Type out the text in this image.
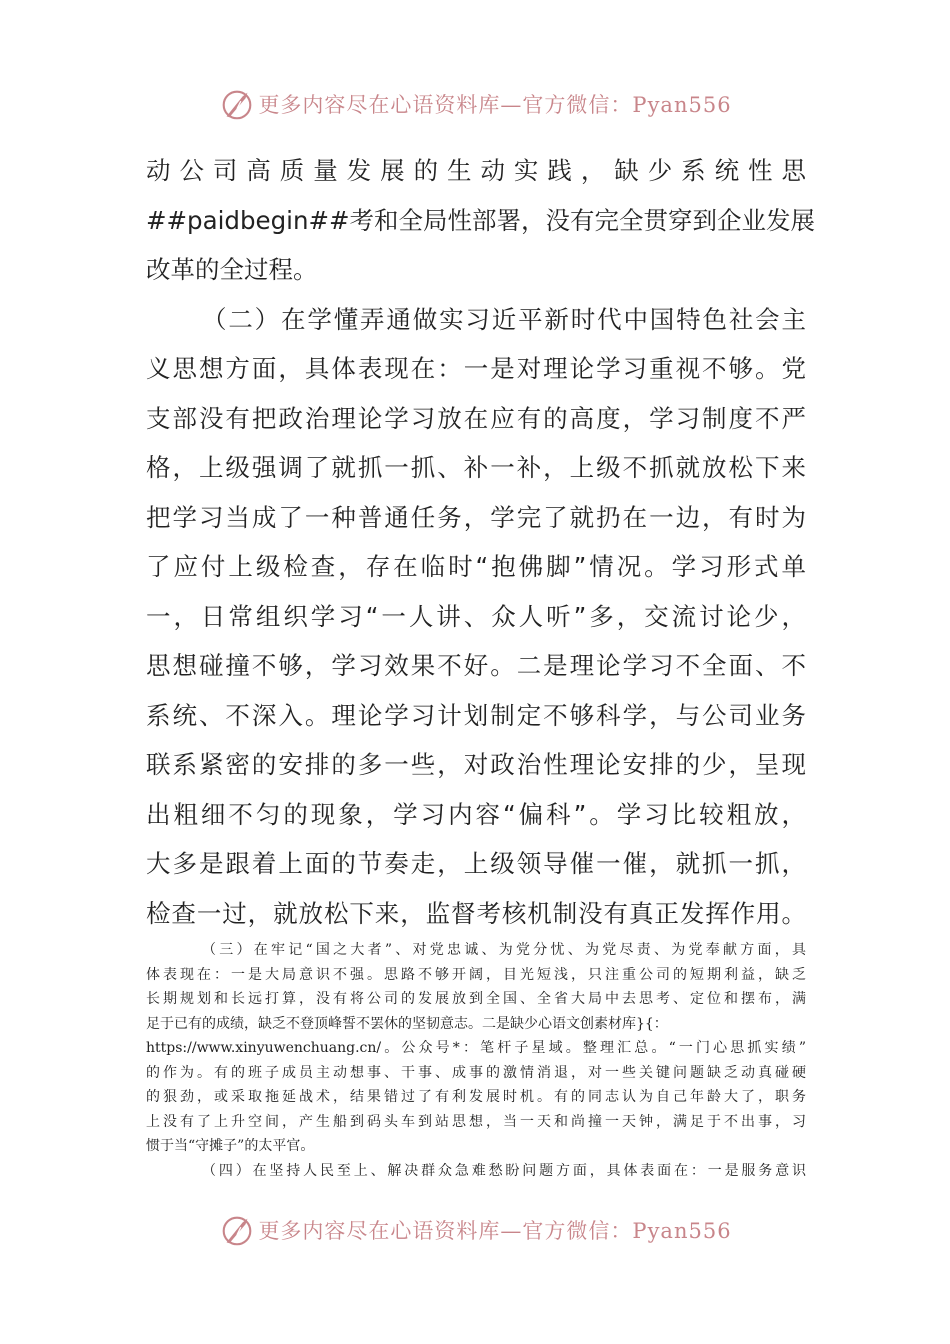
更多内容尽在心语资料库—官方微信：Pyan556
动公司高质量发展的生动实践，缺少系统性思
##paidbegin##考和全局性部署，没有完全贯穿到企业发展
改革的全过程。
（二）在学懂弄通做实习近平新时代中国特色社会主
义思想方面，具体表现在：一是对理论学习重视不够。党
支部没有把政治理论学习放在应有的高度，学习制度不严
格，上级强调了就抓一抓、补一补，上级不抓就放松下来
把学习当成了一种普通任务，学完了就扔在一边，有时为
了应付上级检查，存在临时“抱佛脚”情况。学习形式单
一，日常组织学习“一人讲、众人听”多，交流讨论少，
思想碰撞不够，学习效果不好。二是理论学习不全面、不
系统、不深入。理论学习计划制定不够科学，与公司业务
联系紧密的安排的多一些，对政治性理论安排的少，呈现
出粗细不匀的现象，学习内容“偏科”。学习比较粗放，
大多是跟着上面的节奏走，上级领导催一催，就抓一抓，
检查一过，就放松下来，监督考核机制没有真正发挥作用。
（三）在牢记“国之大者”、对党忠诚、为党分忧、为党尽责、为党奉献方面，具
体表现在：一是大局意识不强。思路不够开阔，目光短浅，只注重公司的短期利益，缺乏
长期规划和长远打算，没有将公司的发展放到全国、全省大局中去思考、定位和摆布，满
足于已有的成绩，缺乏不登顶峰誓不罢休的坚韧意志。二是缺少心语文创素材库}{：
https://www.xinyuwenchuang.cn/。公众号*：笔杆子星域。整理汇总。“一门心思抓实绩”
的作为。有的班子成员主动想事、干事、成事的激情消退，对一些关键问题缺乏动真碰硬
的狠劲，或采取拖延战术，结果错过了有利发展时机。有的同志认为自己年龄大了，职务
上没有了上升空间，产生船到码头车到站思想，当一天和尚撞一天钟，满足于不出事，习
惯于当“守摊子”的太平官。
（四）在坚持人民至上、解决群众急难愁盼问题方面，具体表面在：一是服务意识
更多内容尽在心语资料库—官方微信：Pyan556
